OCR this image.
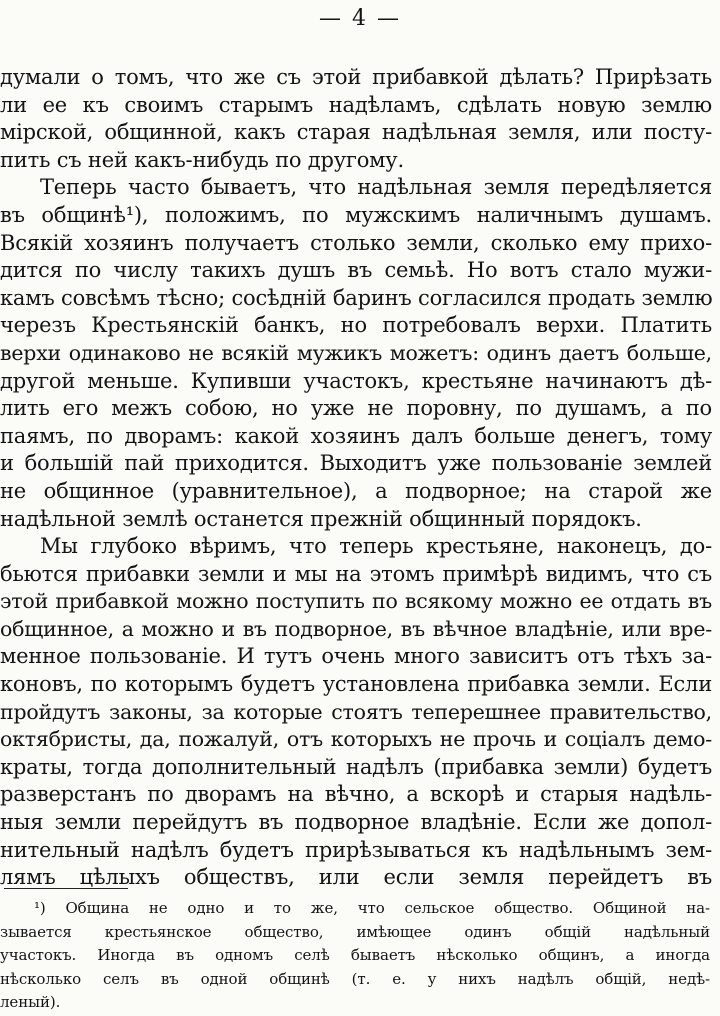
— 4 —
думали о томъ, что же съ этой прибавкой дѣлать? Прирѣзать
ли ее къ своимъ старымъ надѣламъ, сдѣлать новую землю
мірской, общинной, какъ старая надѣльная земля, или посту-
пить съ ней какъ-нибудь по другому.
Теперь часто бываетъ, что надѣльная земля передѣляется
въ общинѣ¹), положимъ, по мужскимъ наличнымъ душамъ.
Всякій хозяинъ получаетъ столько земли, сколько ему прихо-
дится по числу такихъ душъ въ семьѣ. Но вотъ стало мужи-
камъ совсѣмъ тѣсно; сосѣдній баринъ согласился продать землю
черезъ Крестьянскій банкъ, но потребовалъ верхи. Платить
верхи одинаково не всякій мужикъ можетъ: одинъ даетъ больше,
другой меньше. Купивши участокъ, крестьяне начинаютъ дѣ-
лить его межъ собою, но уже не поровну, по душамъ, а по
паямъ, по дворамъ: какой хозяинъ далъ больше денегъ, тому
и большій пай приходится. Выходитъ уже пользованіе землей
не общинное (уравнительное), а подворное; на старой же
надѣльной землѣ останется прежній общинный порядокъ.
Мы глубоко вѣримъ, что теперь крестьяне, наконецъ, до-
бьются прибавки земли и мы на этомъ примѣрѣ видимъ, что съ
этой прибавкой можно поступить по всякому можно ее отдать въ
общинное, а можно и въ подворное, въ вѣчное владѣніе, или вре-
менное пользованіе. И тутъ очень много зависитъ отъ тѣхъ за-
коновъ, по которымъ будетъ установлена прибавка земли. Если
пройдутъ законы, за которые стоятъ теперешнее правительство,
октябристы, да, пожалуй, отъ которыхъ не прочь и соціалъ демо-
краты, тогда дополнительный надѣлъ (прибавка земли) будетъ
разверстанъ по дворамъ на вѣчно, а вскорѣ и старыя надѣль-
ныя земли перейдутъ въ подворное владѣніе. Если же допол-
нительный надѣлъ будетъ прирѣзываться къ надѣльнымъ зем-
лямъ цѣлыхъ обществъ, или если земля перейдетъ въ
¹) Община не одно и то же, что сельское общество. Общиной на-
зывается крестьянское общество, имѣющее одинъ общій надѣльный
участокъ. Иногда въ одномъ селѣ бываетъ нѣсколько общинъ, а иногда
нѣсколько селъ въ одной общинѣ (т. е. у нихъ надѣлъ общій, недѣ-
леный).
